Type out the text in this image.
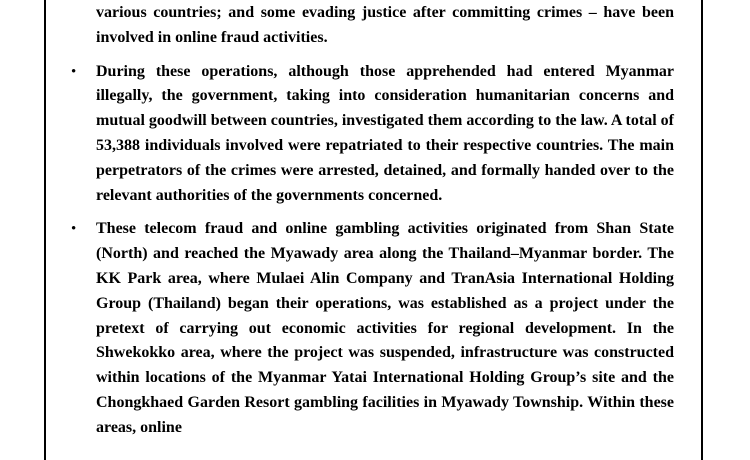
various countries; and some evading justice after committing crimes – have been involved in online fraud activities.

• During these operations, although those apprehended had entered Myanmar illegally, the government, taking into consideration humanitarian concerns and mutual goodwill between countries, investigated them according to the law. A total of 53,388 individuals involved were repatriated to their respective countries. The main perpetrators of the crimes were arrested, detained, and formally handed over to the relevant authorities of the governments concerned.

• These telecom fraud and online gambling activities originated from Shan State (North) and reached the Myawady area along the Thailand–Myanmar border. The KK Park area, where Mulaei Alin Company and TranAsia International Holding Group (Thailand) began their operations, was established as a project under the pretext of carrying out economic activities for regional development. In the Shwekokko area, where the project was suspended, infrastructure was constructed within locations of the Myanmar Yatai International Holding Group’s site and the Chongkhaed Garden Resort gambling facilities in Myawady Township. Within these areas, online
